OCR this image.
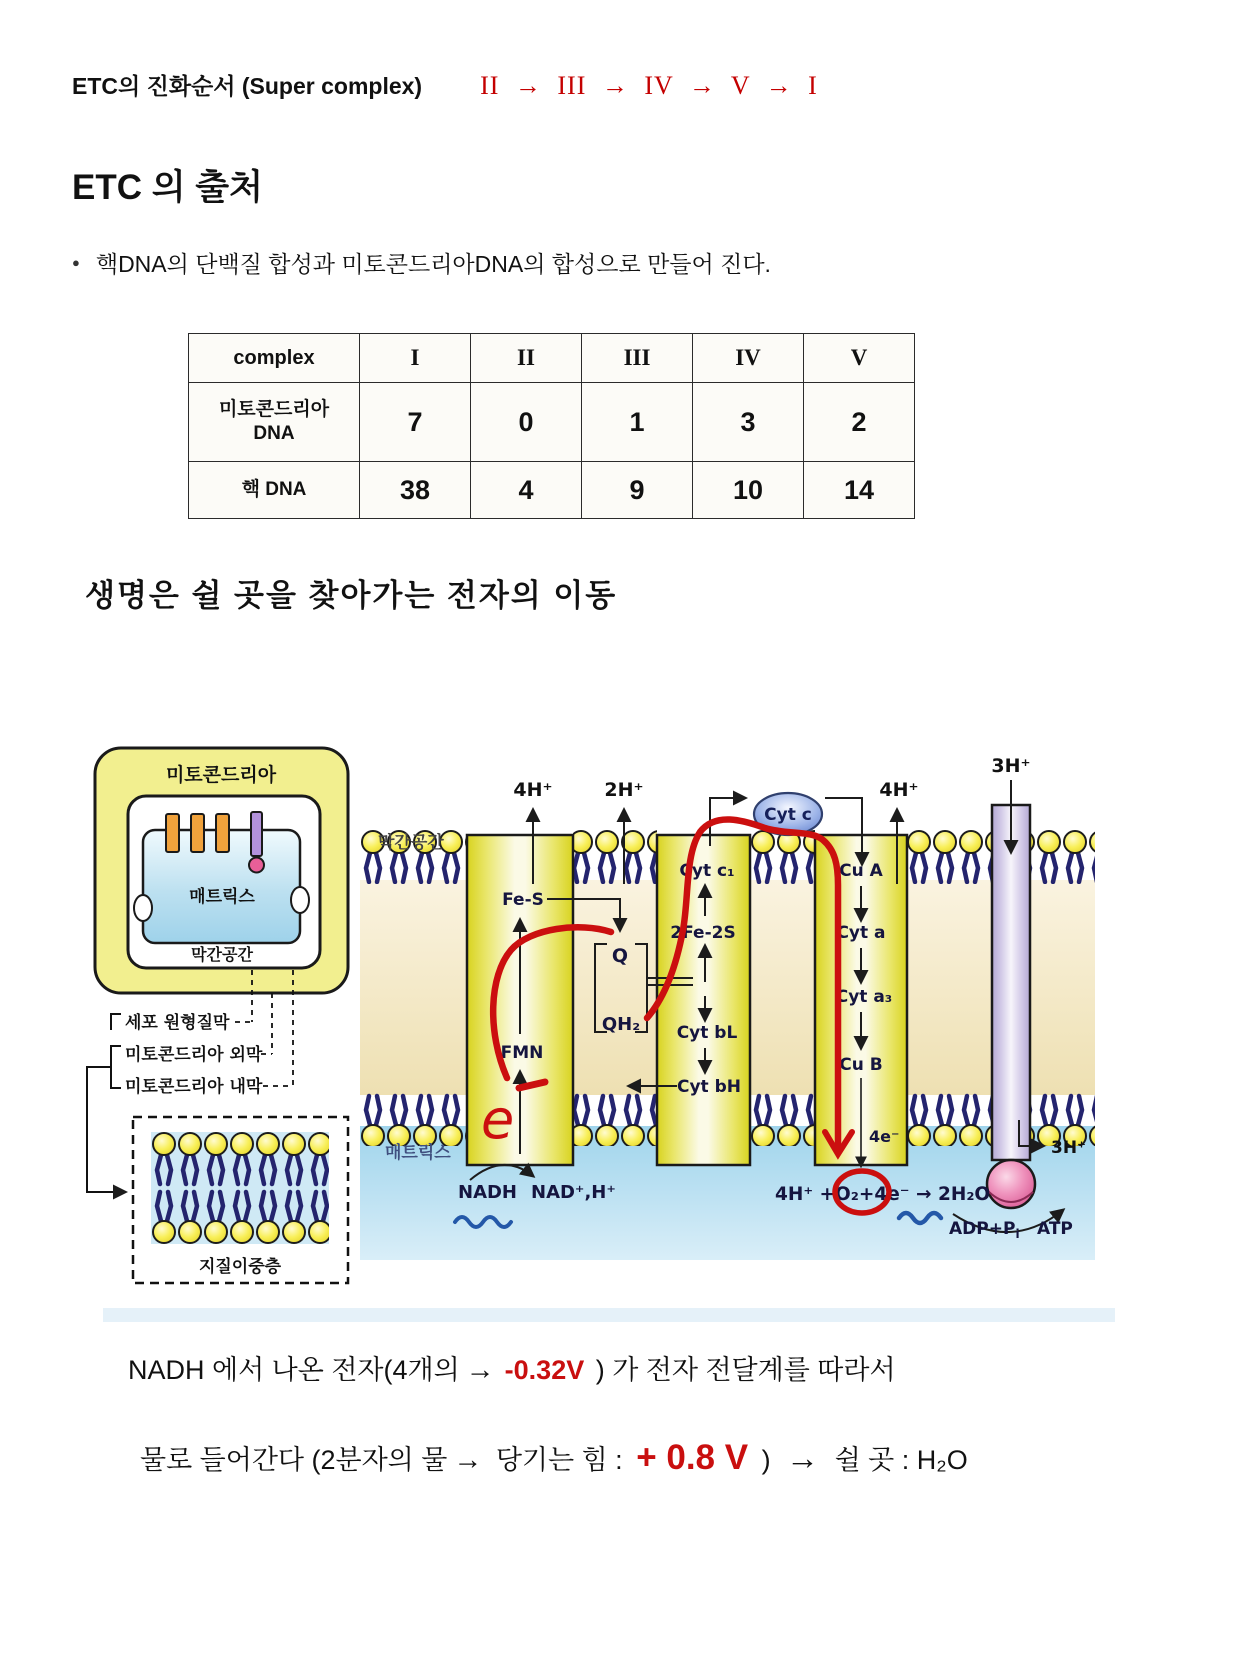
ETC의 진화순서 (Super complex) II → III → IV → V → I
ETC 의 출처
● 핵DNA의 단백질 합성과 미토콘드리아DNA의 합성으로 만들어 진다.
complex	I	II	III	IV	V

미토콘드리아
DNA	7	0	1	3	2
핵 DNA	38	4	9	10	14
생명은 쉴 곳을 찾아가는 전자의 이동
미토콘드리아
매트릭스
막간공간
세포 원형질막
미토콘드리아 외막
미토콘드리아 내막
지질이중층
막간공간
매트릭스
4H⁺	2H⁺	4H⁺
3H⁺
Cyt c
Fe-S
FMN
Q
QH₂
Cyt c₁
2Fe-2S
Cyt bL
Cyt bH
Cu A
Cyt a
Cyt a₃
Cu B
4e⁻
4H⁺ +O₂+4e⁻ → 2H₂O
NADH NAD⁺,H⁺
3H⁺
$ADP+P_i$ ATP
e
NADH 에서 나온 전자(4개의 → -0.32V ) 가 전자 전달계를 따라서
물로 들어간다 (2분자의 물 → 당기는 힘 : + 0.8 V ) → 쉴 곳 : H₂O
